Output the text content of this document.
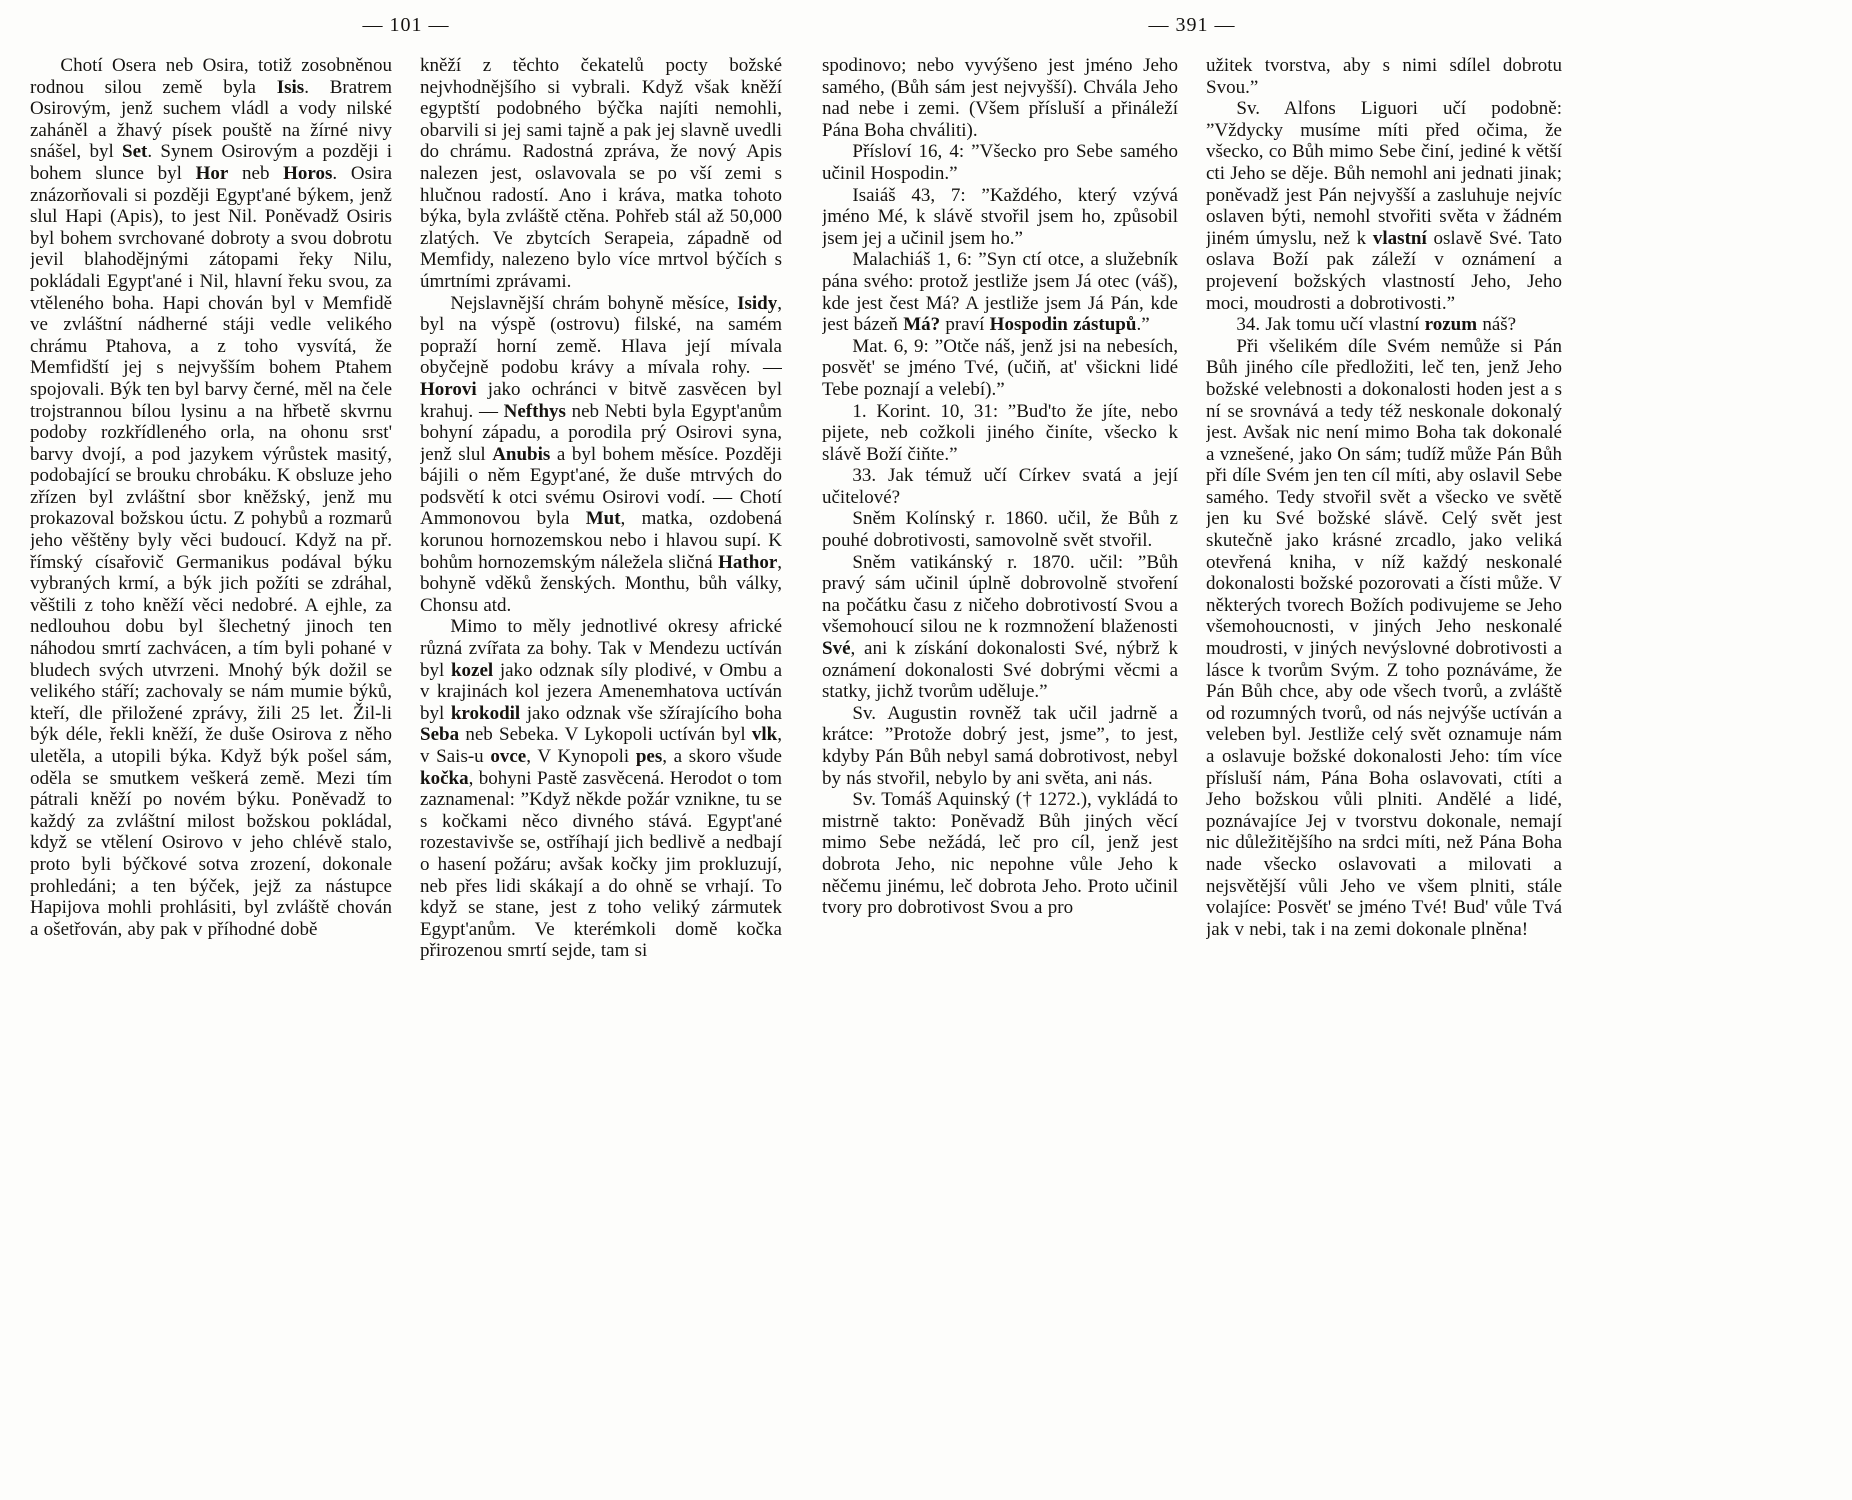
— 101 —

Chotí Osera neb Osira, totiž zosobněnou rodnou silou země byla Isis. Bratrem Osirovým, jenž suchem vládl a vody nilské zaháněl a žhavý písek pouště na žírné nivy snášel, byl Set. Synem Osirovým a později i bohem slunce byl Hor neb Horos. Osira znázorňovali si později Egypt'ané býkem, jenž slul Hapi (Apis), to jest Nil. Poněvadž Osiris byl bohem svrchované dobroty a svou dobrotu jevil blahodějnými zátopami řeky Nilu, pokládali Egypt'ané i Nil, hlavní řeku svou, za vtěleného boha. Hapi chován byl v Memfidě ve zvláštní nádherné stáji vedle velikého chrámu Ptahova, a z toho vysvítá, že Memfidští jej s nejvyšším bohem Ptahem spojovali. Býk ten byl barvy černé, měl na čele trojstrannou bílou lysinu a na hřbetě skvrnu podoby rozkřídleného orla, na ohonu srst' barvy dvojí, a pod jazykem výrůstek masitý, podobající se brouku chrobáku. K obsluze jeho zřízen byl zvláštní sbor kněžský, jenž mu prokazoval božskou úctu. Z pohybů a rozmarů jeho věštěny byly věci budoucí. Když na př. římský císařovič Germanikus podával býku vybraných krmí, a býk jich požíti se zdráhal, věštili z toho kněží věci nedobré. A ejhle, za nedlouhou dobu byl šlechetný jinoch ten náhodou smrtí zachvácen, a tím byli pohané v bludech svých utvrzeni. Mnohý býk dožil se velikého stáří; zachovaly se nám mumie býků, kteří, dle přiložené zprávy, žili 25 let. Žil-li býk déle, řekli kněží, že duše Osirova z něho uletěla, a utopili býka. Když býk pošel sám, oděla se smutkem veškerá země. Mezi tím pátrali kněží po novém býku. Poněvadž to každý za zvláštní milost božskou pokládal, když se vtělení Osirovo v jeho chlévě stalo, proto byli býčkové sotva zrození, dokonale prohledáni; a ten býček, jejž za nástupce Hapijova mohli prohlásiti, byl zvláště chován a ošetřován, aby pak v příhodné době

kněží z těchto čekatelů pocty božské nejvhodnějšího si vybrali. Když však kněží egyptští podobného býčka najíti nemohli, obarvili si jej sami tajně a pak jej slavně uvedli do chrámu. Radostná zpráva, že nový Apis nalezen jest, oslavovala se po vší zemi s hlučnou radostí. Ano i kráva, matka tohoto býka, byla zvláště ctěna. Pohřeb stál až 50,000 zlatých. Ve zbytcích Serapeia, západně od Memfidy, nalezeno bylo více mrtvol býčích s úmrtními zprávami.

Nejslavnější chrám bohyně měsíce, Isidy, byl na výspě (ostrovu) filské, na samém popraží horní země. Hlava její mívala obyčejně podobu krávy a mívala rohy. — Horovi jako ochránci v bitvě zasvěcen byl krahuj. — Nefthys neb Nebti byla Egypt'anům bohyní západu, a porodila prý Osirovi syna, jenž slul Anubis a byl bohem měsíce. Později bájili o něm Egypt'ané, že duše mtrvých do podsvětí k otci svému Osirovi vodí. — Chotí Ammonovou byla Mut, matka, ozdobená korunou hornozemskou nebo i hlavou supí. K bohům hornozemským náležela sličná Hathor, bohyně vděků ženských. Monthu, bůh války, Chonsu atd.

Mimo to měly jednotlivé okresy africké různá zvířata za bohy. Tak v Mendezu uctíván byl kozel jako odznak síly plodivé, v Ombu a v krajinách kol jezera Amenemhatova uctíván byl krokodil jako odznak vše sžírajícího boha Seba neb Sebeka. V Lykopoli uctíván byl vlk, v Sais-u ovce, V Kynopoli pes, a skoro všude kočka, bohyni Pastě zasvěcená. Herodot o tom zaznamenal: ”Když někde požár vznikne, tu se s kočkami něco divného stává. Egypt'ané rozestavivše se, ostříhají jich bedlivě a nedbají o hasení požáru; avšak kočky jim prokluzují, neb přes lidi skákají a do ohně se vrhají. To když se stane, jest z toho veliký zármutek Egypt'anům. Ve kterémkoli domě kočka přirozenou smrtí sejde, tam si

— 391 —

spodinovo; nebo vyvýšeno jest jméno Jeho samého, (Bůh sám jest nejvyšší). Chvála Jeho nad nebe i zemi. (Všem přísluší a přináleží Pána Boha chváliti).

Přísloví 16, 4: ”Všecko pro Sebe samého učinil Hospodin.”

Isaiáš 43, 7: ”Každého, který vzývá jméno Mé, k slávě stvořil jsem ho, způsobil jsem jej a učinil jsem ho.”

Malachiáš 1, 6: ”Syn ctí otce, a služebník pána svého: protož jestliže jsem Já otec (váš), kde jest čest Má? A jestliže jsem Já Pán, kde jest bázeň Má? praví Hospodin zástupů.”

Mat. 6, 9: ”Otče náš, jenž jsi na nebesích, posvět' se jméno Tvé, (učiň, at' všickni lidé Tebe poznají a velebí).”

1. Korint. 10, 31: ”Bud'to že jíte, nebo pijete, neb cožkoli jiného činíte, všecko k slávě Boží čiňte.”

33. Jak témuž učí Církev svatá a její učitelové?

Sněm Kolínský r. 1860. učil, že Bůh z pouhé dobrotivosti, samovolně svět stvořil.

Sněm vatikánský r. 1870. učil: ”Bůh pravý sám učinil úplně dobrovolně stvoření na počátku času z ničeho dobrotivostí Svou a všemohoucí silou ne k rozmnožení blaženosti Své, ani k získání dokonalosti Své, nýbrž k oznámení dokonalosti Své dobrými věcmi a statky, jichž tvorům uděluje.”

Sv. Augustin rovněž tak učil jadrně a krátce: ”Protože dobrý jest, jsme”, to jest, kdyby Pán Bůh nebyl samá dobrotivost, nebyl by nás stvořil, nebylo by ani světa, ani nás.

Sv. Tomáš Aquinský († 1272.), vykládá to mistrně takto: Poněvadž Bůh jiných věcí mimo Sebe nežádá, leč pro cíl, jenž jest dobrota Jeho, nic nepohne vůle Jeho k něčemu jinému, leč dobrota Jeho. Proto učinil tvory pro dobrotivost Svou a pro

užitek tvorstva, aby s nimi sdílel dobrotu Svou.”

Sv. Alfons Liguori učí podobně: ”Vždycky musíme míti před očima, že všecko, co Bůh mimo Sebe činí, jediné k větší cti Jeho se děje. Bůh nemohl ani jednati jinak; poněvadž jest Pán nejvyšší a zasluhuje nejvíc oslaven býti, nemohl stvořiti světa v žádném jiném úmyslu, než k vlastní oslavě Své. Tato oslava Boží pak záleží v oznámení a projevení božských vlastností Jeho, Jeho moci, moudrosti a dobrotivosti.”

34. Jak tomu učí vlastní rozum náš?

Při všelikém díle Svém nemůže si Pán Bůh jiného cíle předložiti, leč ten, jenž Jeho božské velebnosti a dokonalosti hoden jest a s ní se srovnává a tedy též neskonale dokonalý jest. Avšak nic není mimo Boha tak dokonalé a vznešené, jako On sám; tudíž může Pán Bůh při díle Svém jen ten cíl míti, aby oslavil Sebe samého. Tedy stvořil svět a všecko ve světě jen ku Své božské slávě. Celý svět jest skutečně jako krásné zrcadlo, jako veliká otevřená kniha, v níž každý neskonalé dokonalosti božské pozorovati a čísti může. V některých tvorech Božích podivujeme se Jeho všemohoucnosti, v jiných Jeho neskonalé moudrosti, v jiných nevýslovné dobrotivosti a lásce k tvorům Svým. Z toho poznáváme, že Pán Bůh chce, aby ode všech tvorů, a zvláště od rozumných tvorů, od nás nejvýše uctíván a veleben byl. Jestliže celý svět oznamuje nám a oslavuje božské dokonalosti Jeho: tím více přísluší nám, Pána Boha oslavovati, ctíti a Jeho božskou vůli plniti. Andělé a lidé, poznávajíce Jej v tvorstvu dokonale, nemají nic důležitějšího na srdci míti, než Pána Boha nade všecko oslavovati a milovati a nejsvětější vůli Jeho ve všem plniti, stále volajíce: Posvět' se jméno Tvé! Bud' vůle Tvá jak v nebi, tak i na zemi dokonale plněna!
